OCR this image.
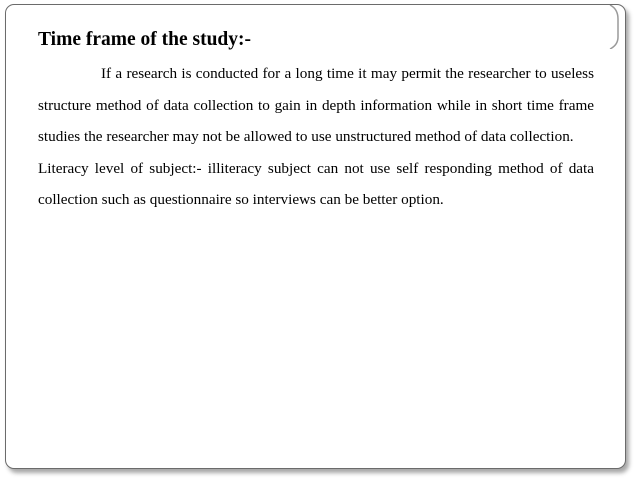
Time frame of the study:-

If a research is conducted for a long time it may permit the researcher to useless structure method of data collection to gain in depth information while in short time frame studies the researcher may not be allowed to use unstructured method of data collection.

Literacy level of subject:- illiteracy subject can not use self responding method of data collection such as questionnaire so interviews can be better option.
